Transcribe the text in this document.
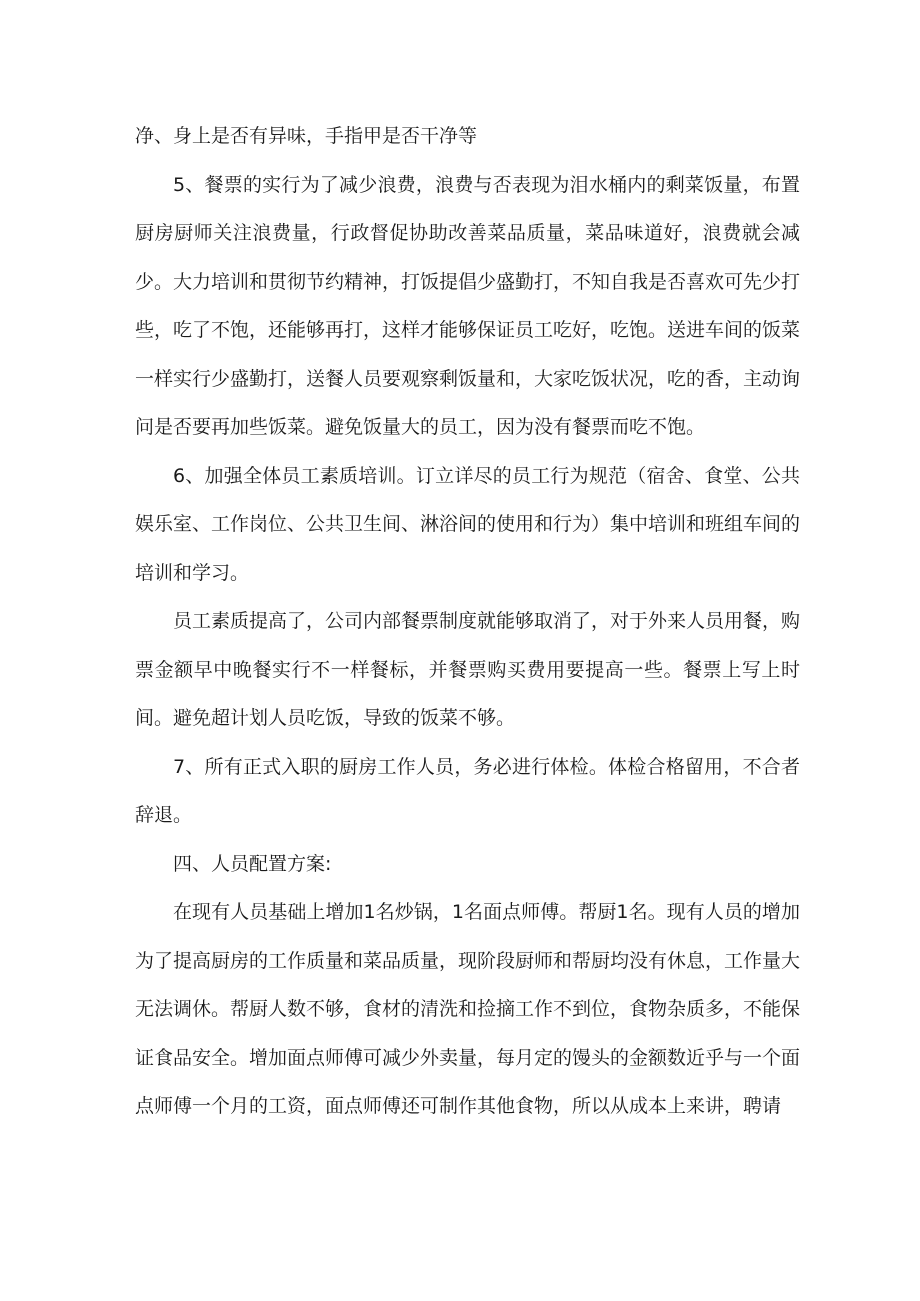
净、身上是否有异味，手指甲是否干净等

5、餐票的实行为了减少浪费，浪费与否表现为泪水桶内的剩菜饭量，布置厨房厨师关注浪费量，行政督促协助改善菜品质量，菜品味道好，浪费就会减少。大力培训和贯彻节约精神，打饭提倡少盛勤打，不知自我是否喜欢可先少打些，吃了不饱，还能够再打，这样才能够保证员工吃好，吃饱。送进车间的饭菜一样实行少盛勤打，送餐人员要观察剩饭量和，大家吃饭状况，吃的香，主动询问是否要再加些饭菜。避免饭量大的员工，因为没有餐票而吃不饱。

6、加强全体员工素质培训。订立详尽的员工行为规范（宿舍、食堂、公共娱乐室、工作岗位、公共卫生间、淋浴间的使用和行为）集中培训和班组车间的培训和学习。

员工素质提高了，公司内部餐票制度就能够取消了，对于外来人员用餐，购票金额早中晚餐实行不一样餐标，并餐票购买费用要提高一些。餐票上写上时间。避免超计划人员吃饭，导致的饭菜不够。

7、所有正式入职的厨房工作人员，务必进行体检。体检合格留用，不合者辞退。

四、人员配置方案:

在现有人员基础上增加1名炒锅，1名面点师傅。帮厨1名。现有人员的增加为了提高厨房的工作质量和菜品质量，现阶段厨师和帮厨均没有休息，工作量大无法调休。帮厨人数不够，食材的清洗和捡摘工作不到位，食物杂质多，不能保证食品安全。增加面点师傅可减少外卖量，每月定的馒头的金额数近乎与一个面点师傅一个月的工资，面点师傅还可制作其他食物，所以从成本上来讲，聘请
